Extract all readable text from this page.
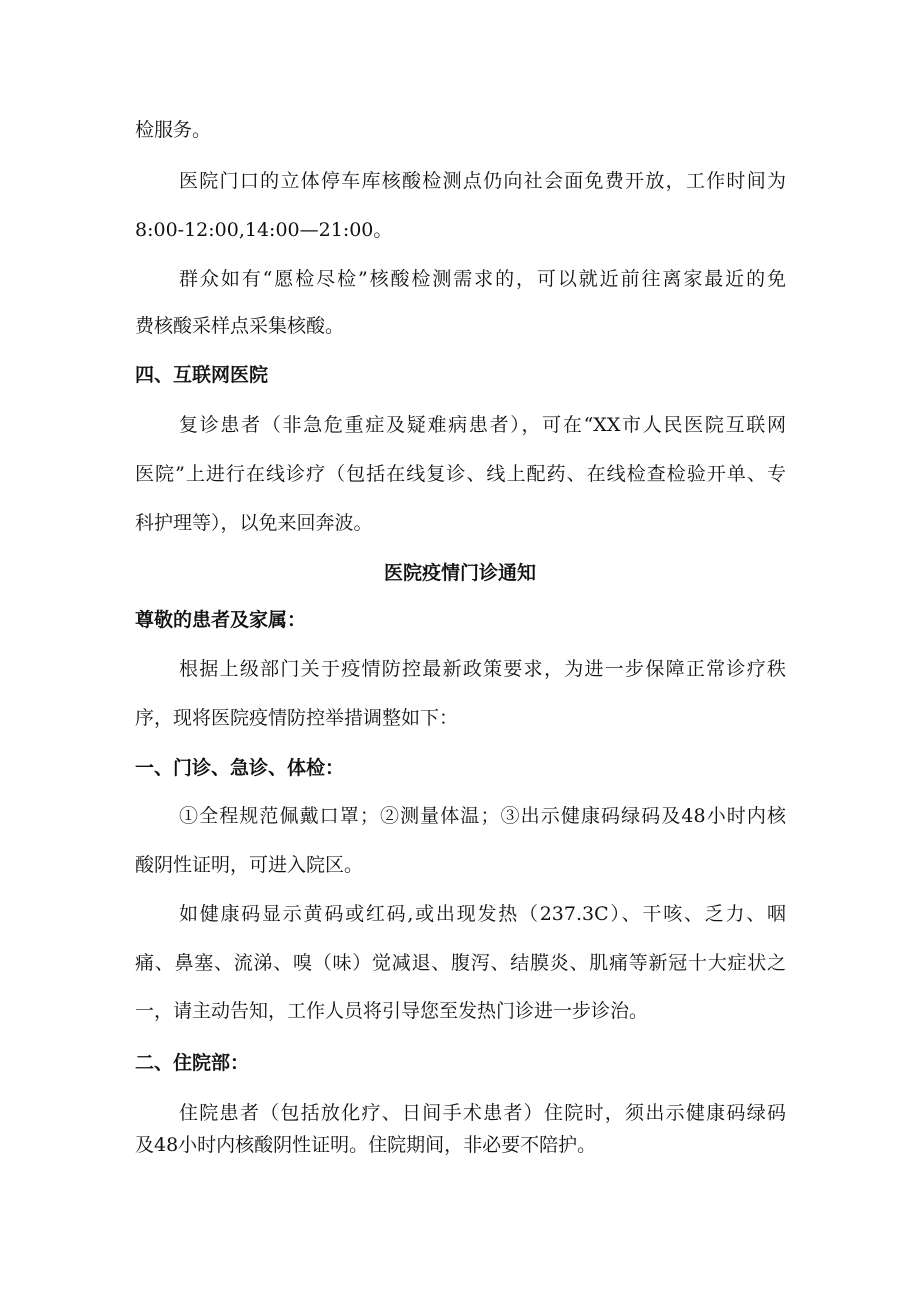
检服务。

医院门口的立体停车库核酸检测点仍向社会面免费开放，工作时间为

8:00-12:00,14:00—21:00。

群众如有“愿检尽检”核酸检测需求的，可以就近前往离家最近的免

费核酸采样点采集核酸。

四、互联网医院

复诊患者（非急危重症及疑难病患者），可在“XX市人民医院互联网

医院”上进行在线诊疗（包括在线复诊、线上配药、在线检查检验开单、专

科护理等），以免来回奔波。

医院疫情门诊通知

尊敬的患者及家属：

根据上级部门关于疫情防控最新政策要求，为进一步保障正常诊疗秩

序，现将医院疫情防控举措调整如下：

一、门诊、急诊、体检：

①全程规范佩戴口罩；②测量体温；③出示健康码绿码及48小时内核

酸阴性证明，可进入院区。

如健康码显示黄码或红码,或出现发热（237.3C）、干咳、乏力、咽

痛、鼻塞、流涕、嗅（味）觉减退、腹泻、结膜炎、肌痛等新冠十大症状之

一，请主动告知，工作人员将引导您至发热门诊进一步诊治。

二、住院部：

住院患者（包括放化疗、日间手术患者）住院时，须出示健康码绿码

及48小时内核酸阴性证明。住院期间，非必要不陪护。
